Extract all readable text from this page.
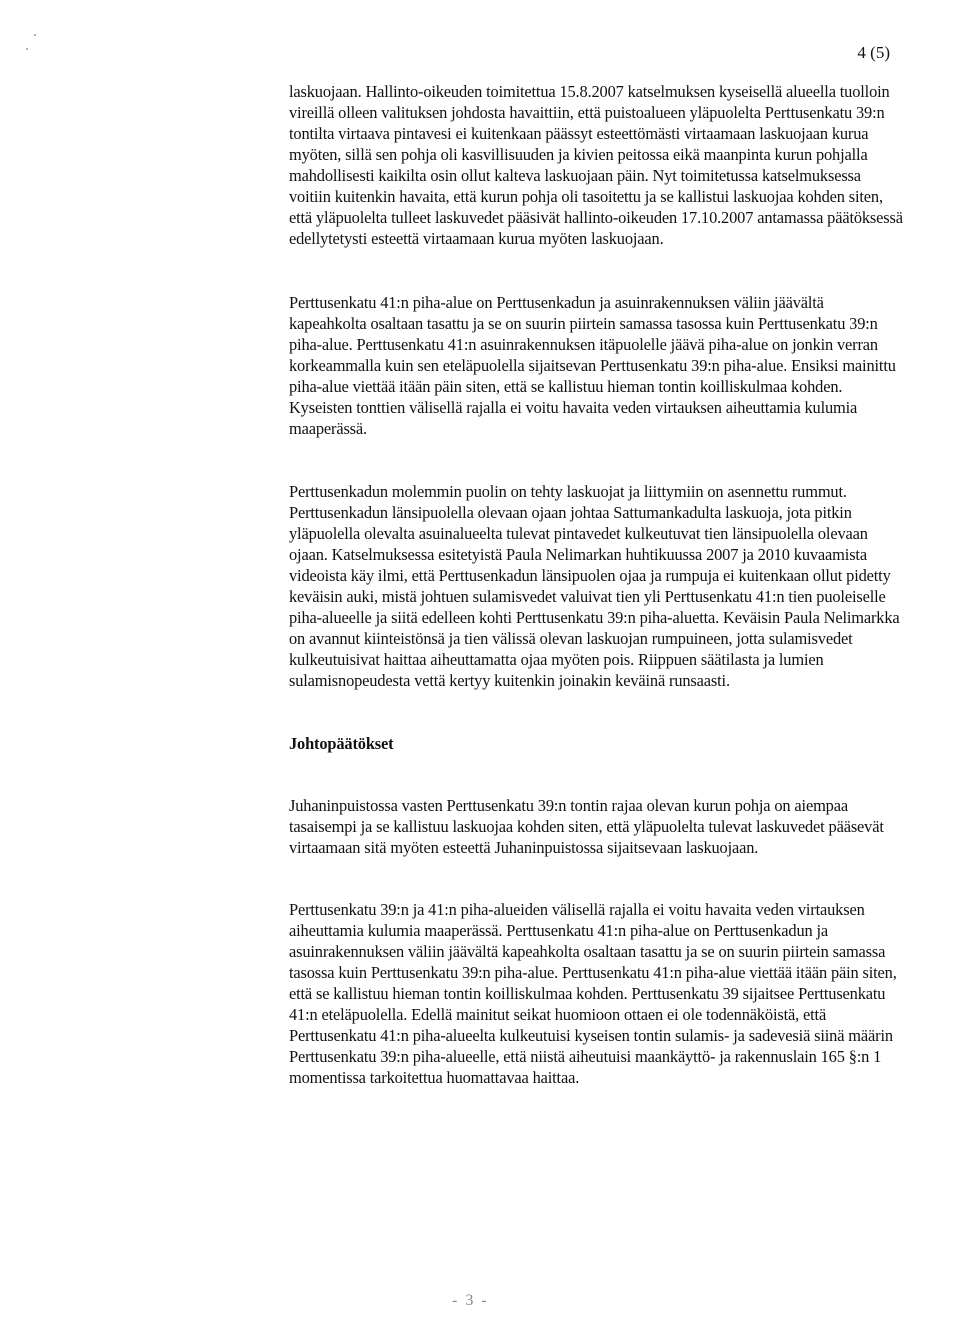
4 (5)

laskuojaan. Hallinto-oikeuden toimitettua 15.8.2007 katselmuksen kyseisellä alueella tuolloin vireillä olleen valituksen johdosta havaittiin, että puistoalueen yläpuolelta Perttusenkatu 39:n tontilta virtaava pintavesi ei kuitenkaan päässyt esteettömästi virtaamaan laskuojaan kurua myöten, sillä sen pohja oli kasvillisuuden ja kivien peitossa eikä maanpinta kurun pohjalla mahdollisesti kaikilta osin ollut kalteva laskuojaan päin. Nyt toimitetussa katselmuksessa voitiin kuitenkin havaita, että kurun pohja oli tasoitettu ja se kallistui laskuojaa kohden siten, että yläpuolelta tulleet laskuvedet pääsivät hallinto-oikeuden 17.10.2007 antamassa päätöksessä edellytetysti esteettä virtaamaan kurua myöten laskuojaan.

Perttusenkatu 41:n piha-alue on Perttusenkadun ja asuinrakennuksen väliin jäävältä kapeahkolta osaltaan tasattu ja se on suurin piirtein samassa tasossa kuin Perttusenkatu 39:n piha-alue. Perttusenkatu 41:n asuinrakennuksen itäpuolelle jäävä piha-alue on jonkin verran korkeammalla kuin sen eteläpuolella sijaitsevan Perttusenkatu 39:n piha-alue. Ensiksi mainittu piha-alue viettää itään päin siten, että se kallistuu hieman tontin koilliskulmaa kohden. Kyseisten tonttien välisellä rajalla ei voitu havaita veden virtauksen aiheuttamia kulumia maaperässä.

Perttusenkadun molemmin puolin on tehty laskuojat ja liittymiin on asennettu rummut. Perttusenkadun länsipuolella olevaan ojaan johtaa Sattumankadulta laskuoja, jota pitkin yläpuolella olevalta asuinalueelta tulevat pintavedet kulkeutuvat tien länsipuolella olevaan ojaan. Katselmuksessa esitetyistä Paula Nelimarkan huhtikuussa 2007 ja 2010 kuvaamista videoista käy ilmi, että Perttusenkadun länsipuolen ojaa ja rumpuja ei kuitenkaan ollut pidetty keväisin auki, mistä johtuen sulamisvedet valuivat tien yli Perttusenkatu 41:n tien puoleiselle piha-alueelle ja siitä edelleen kohti Perttusenkatu 39:n piha-aluetta. Keväisin Paula Nelimarkka on avannut kiinteistönsä ja tien välissä olevan laskuojan rumpuineen, jotta sulamisvedet kulkeutuisivat haittaa aiheuttamatta ojaa myöten pois. Riippuen säätilasta ja lumien sulamisnopeudesta vettä kertyy kuitenkin joinakin keväinä runsaasti.

Johtopäätökset

Juhaninpuistossa vasten Perttusenkatu 39:n tontin rajaa olevan kurun pohja on aiempaa tasaisempi ja se kallistuu laskuojaa kohden siten, että yläpuolelta tulevat laskuvedet pääsevät virtaamaan sitä myöten esteettä Juhaninpuistossa sijaitsevaan laskuojaan.

Perttusenkatu 39:n ja 41:n piha-alueiden välisellä rajalla ei voitu havaita veden virtauksen aiheuttamia kulumia maaperässä. Perttusenkatu 41:n piha-alue on Perttusenkadun ja asuinrakennuksen väliin jäävältä kapeahkolta osaltaan tasattu ja se on suurin piirtein samassa tasossa kuin Perttusenkatu 39:n piha-alue. Perttusenkatu 41:n piha-alue viettää itään päin siten, että se kallistuu hieman tontin koilliskulmaa kohden. Perttusenkatu 39 sijaitsee Perttusenkatu 41:n eteläpuolella. Edellä mainitut seikat huomioon ottaen ei ole todennäköistä, että Perttusenkatu 41:n piha-alueelta kulkeutuisi kyseisen tontin sulamis- ja sadevesiä siinä määrin Perttusenkatu 39:n piha-alueelle, että niistä aiheutuisi maankäyttö- ja rakennuslain 165 §:n 1 momentissa tarkoitettua huomattavaa haittaa.

- 3 -
